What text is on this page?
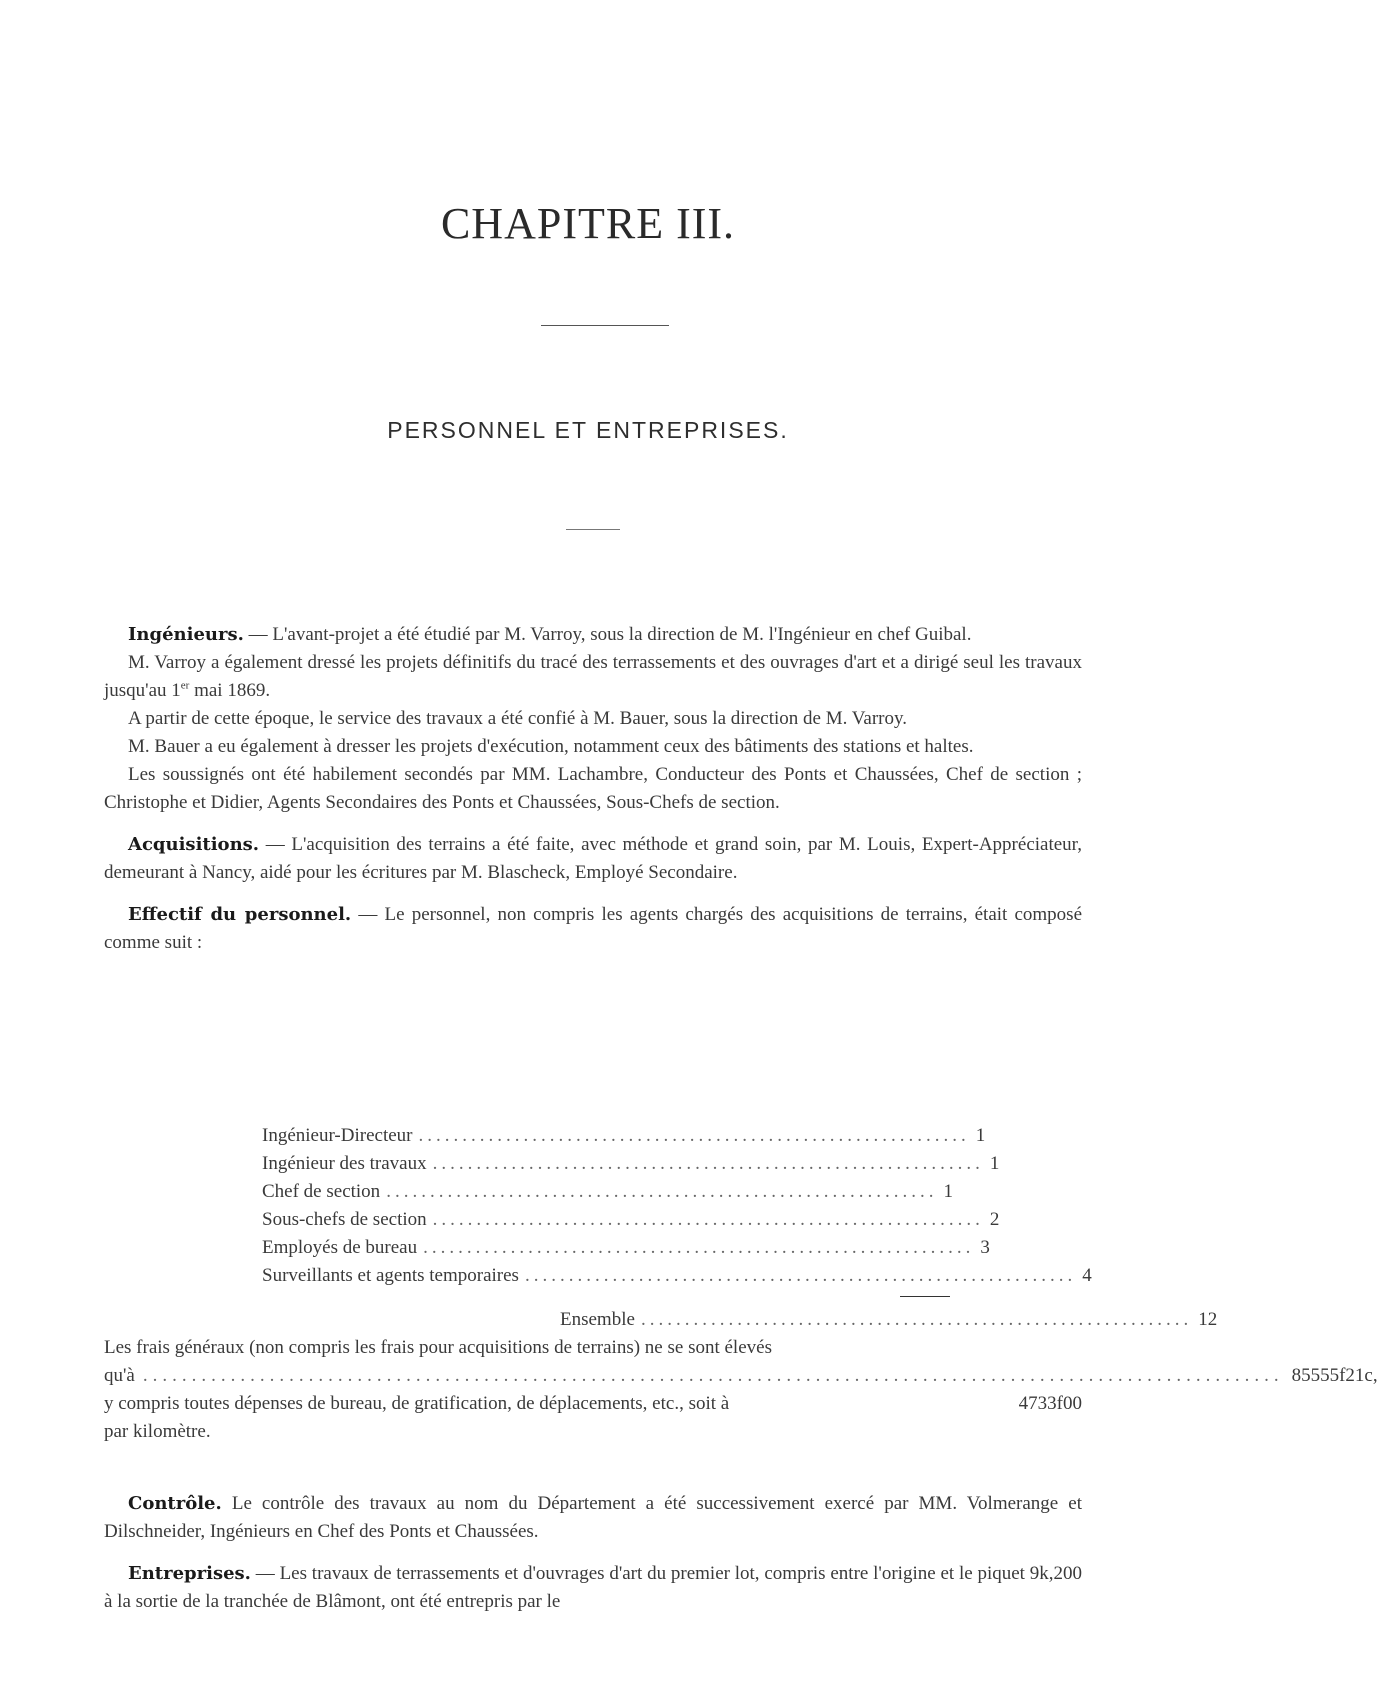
CHAPITRE III.
PERSONNEL ET ENTREPRISES.

Ingénieurs. — L'avant-projet a été étudié par M. Varroy, sous la direction de M. l'Ingénieur en chef Guibal.

M. Varroy a également dressé les projets définitifs du tracé des terrassements et des ouvrages d'art et a dirigé seul les travaux jusqu'au 1er mai 1869.

A partir de cette époque, le service des travaux a été confié à M. Bauer, sous la direction de M. Varroy.

M. Bauer a eu également à dresser les projets d'exécution, notamment ceux des bâtiments des stations et haltes.

Les soussignés ont été habilement secondés par MM. Lachambre, Conducteur des Ponts et Chaussées, Chef de section ; Christophe et Didier, Agents Secondaires des Ponts et Chaussées, Sous-Chefs de section.

Acquisitions. — L'acquisition des terrains a été faite, avec méthode et grand soin, par M. Louis, Expert-Appréciateur, demeurant à Nancy, aidé pour les écritures par M. Blascheck, Employé Secondaire.

Effectif du personnel. — Le personnel, non compris les agents chargés des acquisitions de terrains, était composé comme suit :

Ingénieur-Directeur ............................................................... 1
Ingénieur des travaux ............................................................... 1
Chef de section ............................................................... 1
Sous-chefs de section ............................................................... 2
Employés de bureau ............................................................... 3
Surveillants et agents temporaires ............................................................... 4
Ensemble ............................................................... 12
Les frais généraux (non compris les frais pour acquisitions de terrains) ne se sont élevés
qu'à ..................................................................................................................... 85555f21c,
y compris toutes dépenses de bureau, de gratification, de déplacements, etc., soit à	4733f00
par kilomètre.

Contrôle. Le contrôle des travaux au nom du Département a été successivement exercé par MM. Volmerange et Dilschneider, Ingénieurs en Chef des Ponts et Chaussées.

Entreprises. — Les travaux de terrassements et d'ouvrages d'art du premier lot, compris entre l'origine et le piquet 9k,200 à la sortie de la tranchée de Blâmont, ont été entrepris par le
